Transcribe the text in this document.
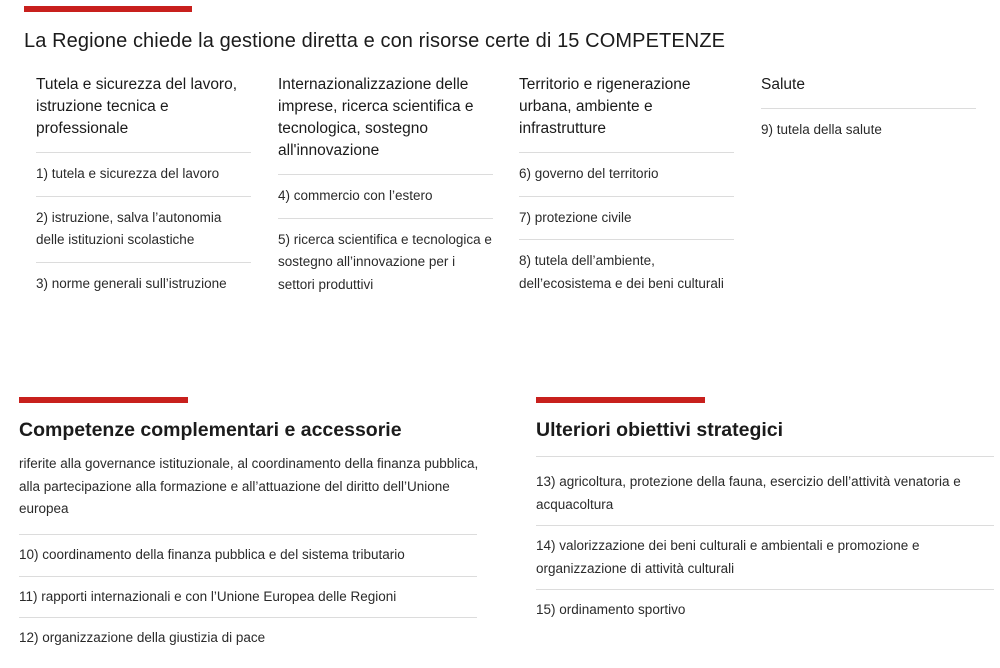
La Regione chiede la gestione diretta e con risorse certe di 15 COMPETENZE
Tutela e sicurezza del lavoro, istruzione tecnica e professionale
1) tutela e sicurezza del lavoro
2) istruzione, salva l’autonomia delle istituzioni scolastiche
3) norme generali sull’istruzione
Internazionalizzazione delle imprese, ricerca scientifica e tecnologica, sostegno all'innovazione
4) commercio con l’estero
5) ricerca scientifica e tecnologica e sostegno all’innovazione per i settori produttivi
Territorio e rigenerazione urbana, ambiente e infrastrutture
6) governo del territorio
7) protezione civile
8) tutela dell’ambiente, dell’ecosistema e dei beni culturali
Salute
9) tutela della salute
Competenze complementari e accessorie

riferite alla governance istituzionale, al coordinamento della finanza pubblica, alla partecipazione alla formazione e all’attuazione del diritto dell’Unione europea

10) coordinamento della finanza pubblica e del sistema tributario
11) rapporti internazionali e con l’Unione Europea delle Regioni
12) organizzazione della giustizia di pace
Ulteriori obiettivi strategici
13) agricoltura, protezione della fauna, esercizio dell’attività venatoria e acquacoltura
14) valorizzazione dei beni culturali e ambientali e promozione e organizzazione di attività culturali
15) ordinamento sportivo
